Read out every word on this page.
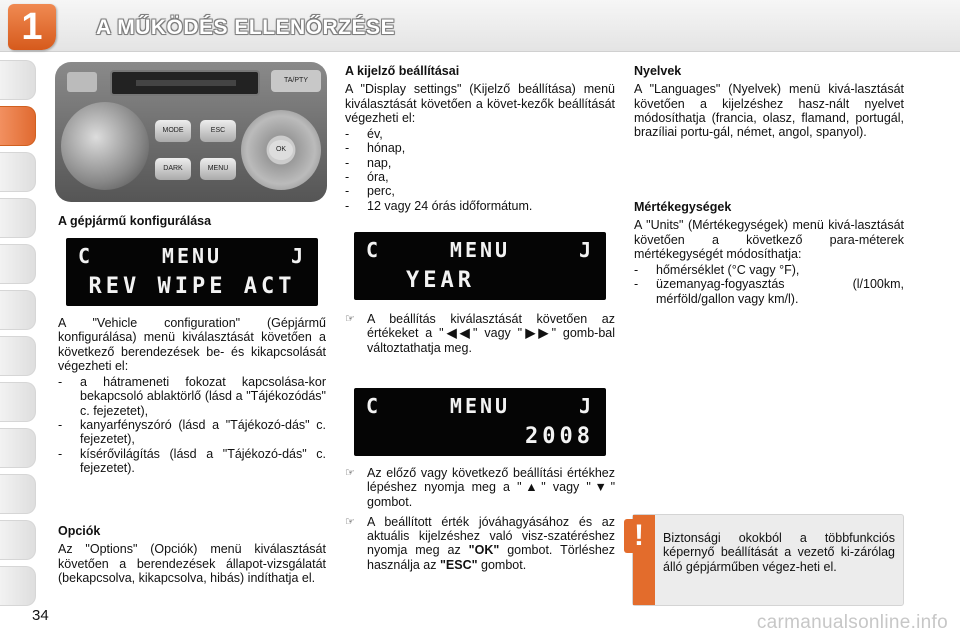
1	A MŰKÖDÉS ELLENŐRZÉSE
TA/PTY
MODE	ESC
DARK	MENU
OK
A gépjármű konfigurálása
C	MENU	J
REV WIPE ACT

A "Vehicle configuration" (Gépjármű konfigurálása) menü kiválasztását követően a következő berendezések be- és kikapcsolását végezheti el:

- a hátrameneti fokozat kapcsolása-kor bekapcsoló ablaktörlő (lásd a "Tájékozódás" c. fejezetet),
- kanyarfényszóró (lásd a "Tájékozó-dás" c. fejezetet),
- kísérővilágítás (lásd a "Tájékozó-dás" c. fejezetet).
Opciók

Az "Options" (Opciók) menü kiválasztását követően a berendezések állapot-vizsgálatát (bekapcsolva, kikapcsolva, hibás) indíthatja el.

A kijelző beállításai

A "Display settings" (Kijelző beállítása) menü kiválasztását követően a követ-kezők beállítását végezheti el:

- év,
- hónap,
- nap,
- óra,
- perc,
- 12 vagy 24 órás időformátum.
C	MENU	J
YEAR
☞ A beállítás kiválasztását követően az értékeket a "◀◀" vagy "▶▶" gomb-bal változtathatja meg.
C	MENU	J
2008
☞ Az előző vagy következő beállítási értékhez lépéshez nyomja meg a "▲" vagy "▼" gombot.
☞ A beállított érték jóváhagyásához és az aktuális kijelzéshez való visz-szatéréshez nyomja meg az "OK" gombot. Törléshez használja az "ESC" gombot.
Nyelvek

A "Languages" (Nyelvek) menü kivá-lasztását követően a kijelzéshez hasz-nált nyelvet módosíthatja (francia, olasz, flamand, portugál, brazíliai portu-gál, német, angol, spanyol).

Mértékegységek

A "Units" (Mértékegységek) menü kivá-lasztását követően a következő para-méterek mértékegységét módosíthatja:

- hőmérséklet (°C vagy °F),
- üzemanyag-fogyasztás (l/100km, mérföld/gallon vagy km/l).

Biztonsági okokból a többfunkciós képernyő beállítását a vezető ki-zárólag álló gépjárműben végez-heti el.

!
34	carmanualsonline.info
